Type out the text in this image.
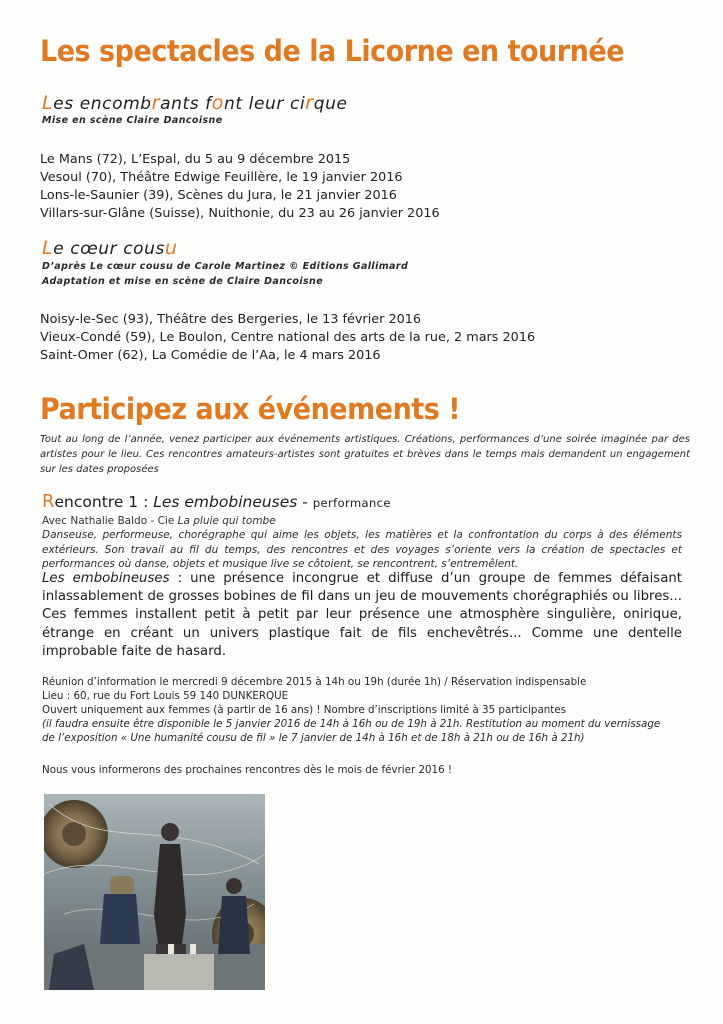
Les spectacles de la Licorne en tournée
Les encombrants font leur cirque
Mise en scène Claire Dancoisne
Le Mans (72), L’Espal, du 5 au 9 décembre 2015
Vesoul (70), Théâtre Edwige Feuillère, le 19 janvier 2016
Lons-le-Saunier (39), Scènes du Jura, le 21 janvier 2016
Villars-sur-Glâne (Suisse), Nuithonie, du 23 au 26 janvier 2016
Le cœur cousu
D’après Le cœur cousu de Carole Martinez © Editions Gallimard
Adaptation et mise en scène de Claire Dancoisne
Noisy-le-Sec (93), Théâtre des Bergeries, le 13 février 2016
Vieux-Condé (59), Le Boulon, Centre national des arts de la rue, 2 mars 2016
Saint-Omer (62), La Comédie de l’Aa, le 4 mars 2016
Participez aux événements !
Tout au long de l’année, venez participer aux événements artistiques. Créations, performances d’une soirée imaginée par des artistes pour le lieu. Ces rencontres amateurs-artistes sont gratuites et brèves dans le temps mais demandent un engagement sur les dates proposées
Rencontre 1 : Les embobineuses - performance
Avec Nathalie Baldo - Cie La pluie qui tombe
Danseuse, performeuse, chorégraphe qui aime les objets, les matières et la confrontation du corps à des éléments extérieurs. Son travail au fil du temps, des rencontres et des voyages s’oriente vers la création de spectacles et performances où danse, objets et musique live se côtoient, se rencontrent, s’entremêlent.
Les embobineuses : une présence incongrue et diffuse d’un groupe de femmes défaisant inlassablement de grosses bobines de fil dans un jeu de mouvements chorégraphiés ou libres... Ces femmes installent petit à petit par leur présence une atmosphère singulière, onirique, étrange en créant un univers plastique fait de fils enchevêtrés... Comme une dentelle improbable faite de hasard.
Réunion d’information le mercredi 9 décembre 2015 à 14h ou 19h (durée 1h) / Réservation indispensable
Lieu : 60, rue du Fort Louis 59 140 DUNKERQUE
Ouvert uniquement aux femmes (à partir de 16 ans) ! Nombre d’inscriptions limité à 35 participantes
(il faudra ensuite être disponible le 5 janvier 2016 de 14h à 16h ou de 19h à 21h. Restitution au moment du vernissage
de l’exposition « Une humanité cousu de fil » le 7 janvier de 14h à 16h et de 18h à 21h ou de 16h à 21h)
Nous vous informerons des prochaines rencontres dès le mois de février 2016 !
